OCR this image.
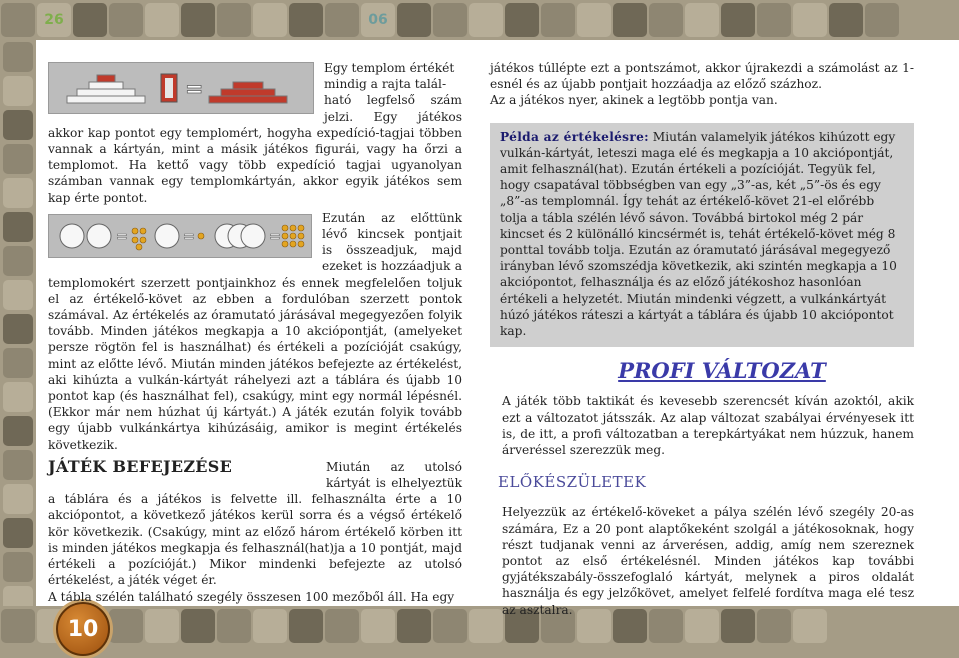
26	06
10
=

Egy templom értékét
mindig a rajta talál-
ható legfelső szám jelzi. Egy játékos akkor kap pontot egy templomért, hogyha expedíció-tagjai többen vannak a kártyán, mint a másik játékos figurái, vagy ha őrzi a templomot. Ha kettő vagy több expedíció tagjai ugyanolyan számban vannak egy templomkártyán, akkor egyik játékos sem kap érte pontot.

=	=	=

Ezután az előttünk lévő kincsek pontjait is összeadjuk, majd ezeket is hozzáadjuk a templomokért szerzett pontjainkhoz és ennek megfelelően toljuk el az értékelő-követ az ebben a fordulóban szerzett pontok számával. Az értékelés az óramutató járásával megegyezően folyik tovább. Minden játékos megkapja a 10 akciópontját, (amelyeket persze rögtön fel is használhat) és értékeli a pozícióját csakúgy, mint az előtte lévő. Miután minden játékos befejezte az értékelést, aki kihúzta a vulkán-kártyát ráhelyezi azt a táblára és újabb 10 pontot kap (és használhat fel), csakúgy, mint egy normál lépésnél. (Ekkor már nem húzhat új kártyát.) A játék ezután folyik tovább egy újabb vulkánkártya kihúzásáig, amikor is megint értékelés következik.

JÁTÉK BEFEJEZÉSE	Miután az utolsó kártyát is elhelyeztük a táblára és a játékos is felvette ill. felhasználta érte a 10 akciópontot, a következő játékos kerül sorra és a végső értékelő kör következik. (Csakúgy, mint az előző három értékelő körben itt is minden játékos megkapja és felhasznál(hat)ja a 10 pontját, majd értékeli a pozícióját.) Mikor mindenki befejezte az utolsó értékelést, a játék véget ér.

A tábla szélén található szegély összesen 100 mezőből áll. Ha egy

játékos túllépte ezt a pontszámot, akkor újrakezdi a számolást az 1-esnél és az újabb pontjait hozzáadja az előző százhoz.

Az a játékos nyer, akinek a legtöbb pontja van.

Példa az értékelésre: Miután valamelyik játékos kihúzott egy vulkán-kártyát, leteszi maga elé és megkapja a 10 akciópontját, amit felhasznál(hat). Ezután értékeli a pozícióját. Tegyük fel, hogy csapatával többségben van egy „3”-as, két „5”-ös és egy „8”-as templomnál. Így tehát az értékelő-követ 21-el előrébb tolja a tábla szélén lévő sávon. Továbbá birtokol még 2 pár kincset és 2 különálló kincsérmét is, tehát értékelő-követ még 8 ponttal tovább tolja. Ezután az óramutató járásával megegyező irányban lévő szomszédja következik, aki szintén megkapja a 10 akciópontot, felhasználja és az előző játékoshoz hasonlóan értékeli a helyzetét. Miután mindenki végzett, a vulkánkártyát húzó játékos ráteszi a kártyát a táblára és újabb 10 akciópontot kap.

PROFI VÁLTOZAT

A játék több taktikát és kevesebb szerencsét kíván azoktól, akik ezt a változatot játsszák. Az alap változat szabályai érvényesek itt is, de itt, a profi változatban a terepkártyákat nem húzzuk, hanem árveréssel szerezzük meg.

ELŐKÉSZÜLETEK

Helyezzük az értékelő-köveket a pálya szélén lévő szegély 20-as számára, Ez a 20 pont alaptőkeként szolgál a játékosoknak, hogy részt tudjanak venni az árverésen, addig, amíg nem szereznek pontot az első értékelésnél. Minden játékos kap további gyjátékszabály-összefoglaló kártyát, melynek a piros oldalát használja és egy jelzőkövet, amelyet felfelé fordítva maga elé tesz az asztalra.
